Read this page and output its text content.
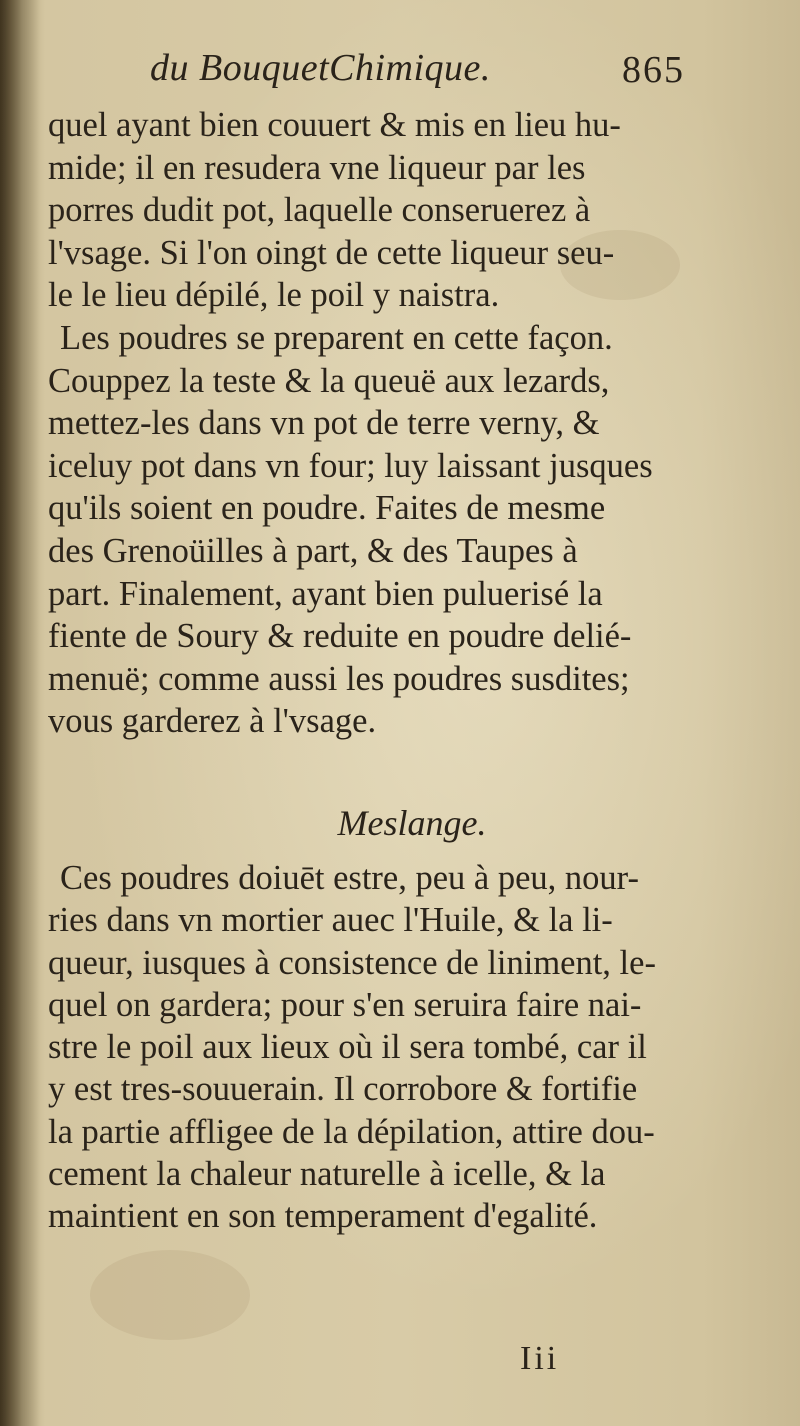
du BouquetChimique.	865
quel ayant bien couuert & mis en lieu hu-
mide; il en resudera vne liqueur par les
porres dudit pot, laquelle conseruerez à
l'vsage. Si l'on oingt de cette liqueur seu-
le le lieu dépilé, le poil y naistra.
Les poudres se preparent en cette façon.
Couppez la teste & la queuë aux lezards,
mettez-les dans vn pot de terre verny, &
iceluy pot dans vn four; luy laissant jusques
qu'ils soient en poudre. Faites de mesme
des Grenoüilles à part, & des Taupes à
part. Finalement, ayant bien puluerisé la
fiente de Soury & reduite en poudre delié-
menuë; comme aussi les poudres susdites;
vous garderez à l'vsage.
Meslange.
Ces poudres doiuēt estre, peu à peu, nour-
ries dans vn mortier auec l'Huile, & la li-
queur, iusques à consistence de liniment, le-
quel on gardera; pour s'en seruira faire nai-
stre le poil aux lieux où il sera tombé, car il
y est tres-souuerain. Il corrobore & fortifie
la partie affligee de la dépilation, attire dou-
cement la chaleur naturelle à icelle, & la
maintient en son temperament d'egalité.
Iii
